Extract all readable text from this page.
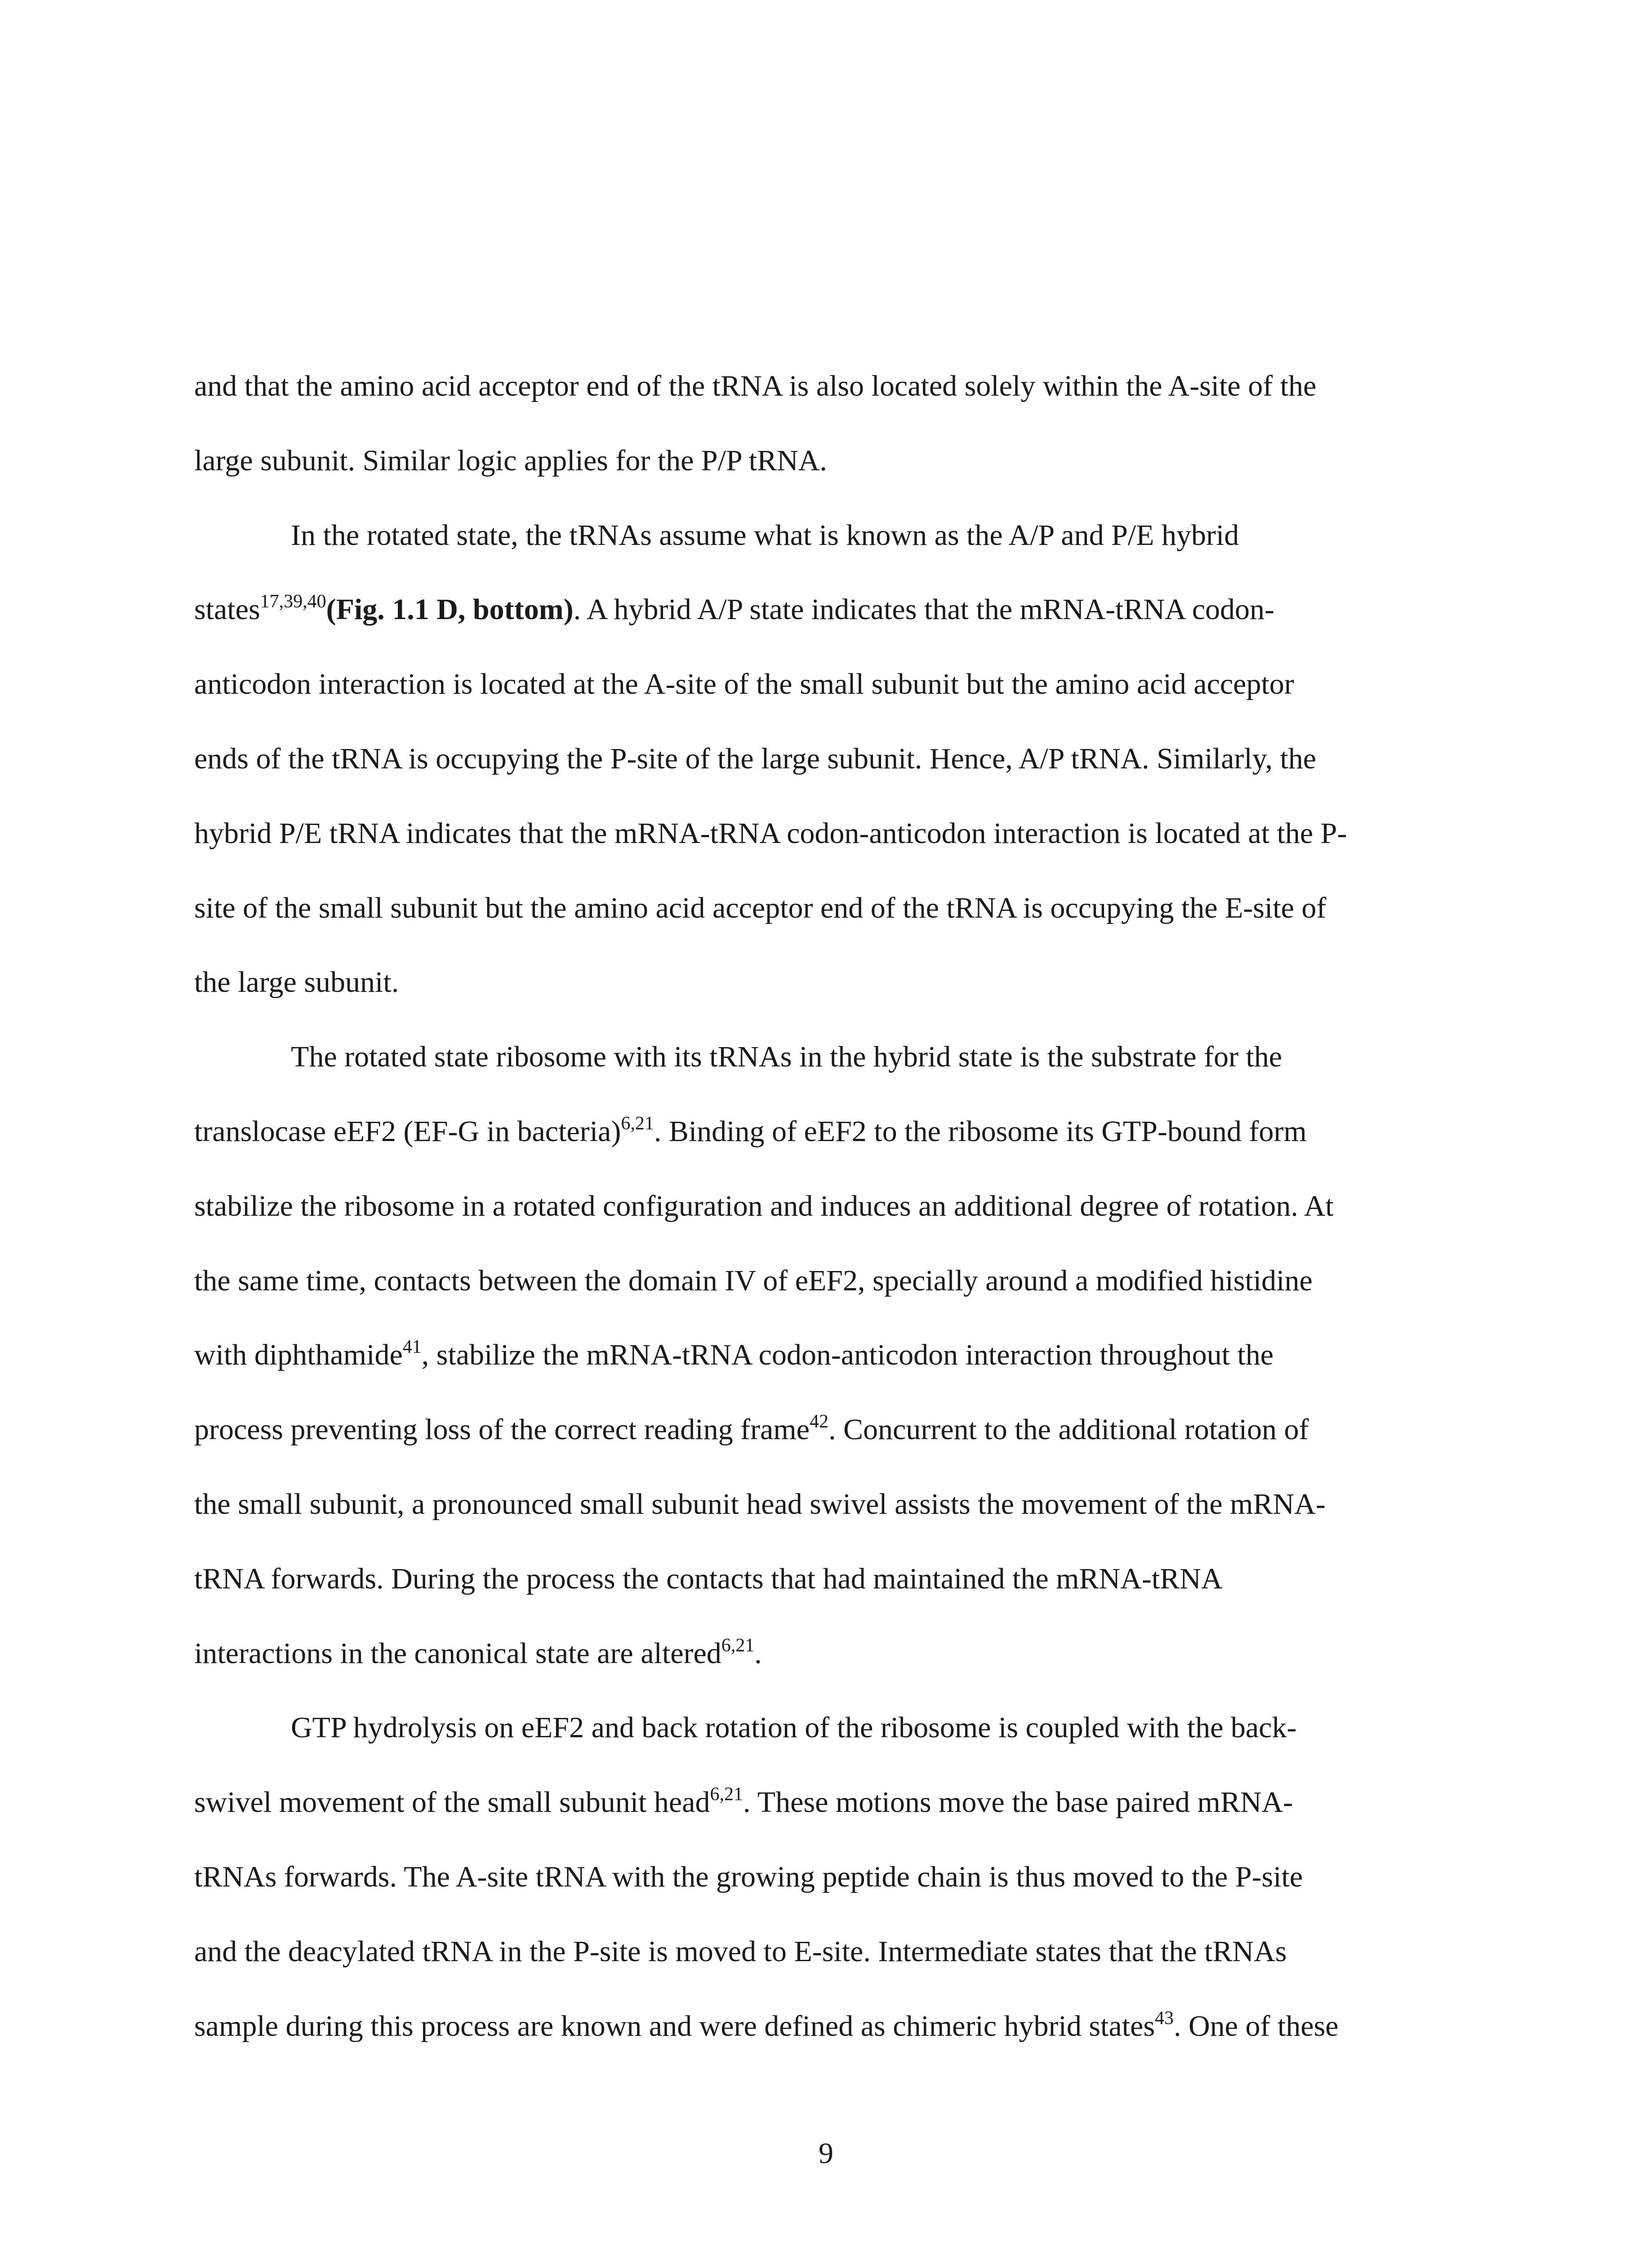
and that the amino acid acceptor end of the tRNA is also located solely within the A-site of the

large subunit. Similar logic applies for the P/P tRNA.

In the rotated state, the tRNAs assume what is known as the A/P and P/E hybrid

states$^{17,39,40}$(Fig. 1.1 D, bottom). A hybrid A/P state indicates that the mRNA-tRNA codon-

anticodon interaction is located at the A-site of the small subunit but the amino acid acceptor

ends of the tRNA is occupying the P-site of the large subunit. Hence, A/P tRNA. Similarly, the

hybrid P/E tRNA indicates that the mRNA-tRNA codon-anticodon interaction is located at the P-

site of the small subunit but the amino acid acceptor end of the tRNA is occupying the E-site of

the large subunit.

The rotated state ribosome with its tRNAs in the hybrid state is the substrate for the

translocase eEF2 (EF-G in bacteria)$^{6,21}$. Binding of eEF2 to the ribosome its GTP-bound form

stabilize the ribosome in a rotated configuration and induces an additional degree of rotation. At

the same time, contacts between the domain IV of eEF2, specially around a modified histidine

with diphthamide$^{41}$, stabilize the mRNA-tRNA codon-anticodon interaction throughout the

process preventing loss of the correct reading frame$^{42}$. Concurrent to the additional rotation of

the small subunit, a pronounced small subunit head swivel assists the movement of the mRNA-

tRNA forwards. During the process the contacts that had maintained the mRNA-tRNA

interactions in the canonical state are altered$^{6,21}$.

GTP hydrolysis on eEF2 and back rotation of the ribosome is coupled with the back-

swivel movement of the small subunit head$^{6,21}$. These motions move the base paired mRNA-

tRNAs forwards. The A-site tRNA with the growing peptide chain is thus moved to the P-site

and the deacylated tRNA in the P-site is moved to E-site. Intermediate states that the tRNAs

sample during this process are known and were defined as chimeric hybrid states$^{43}$. One of these

9
